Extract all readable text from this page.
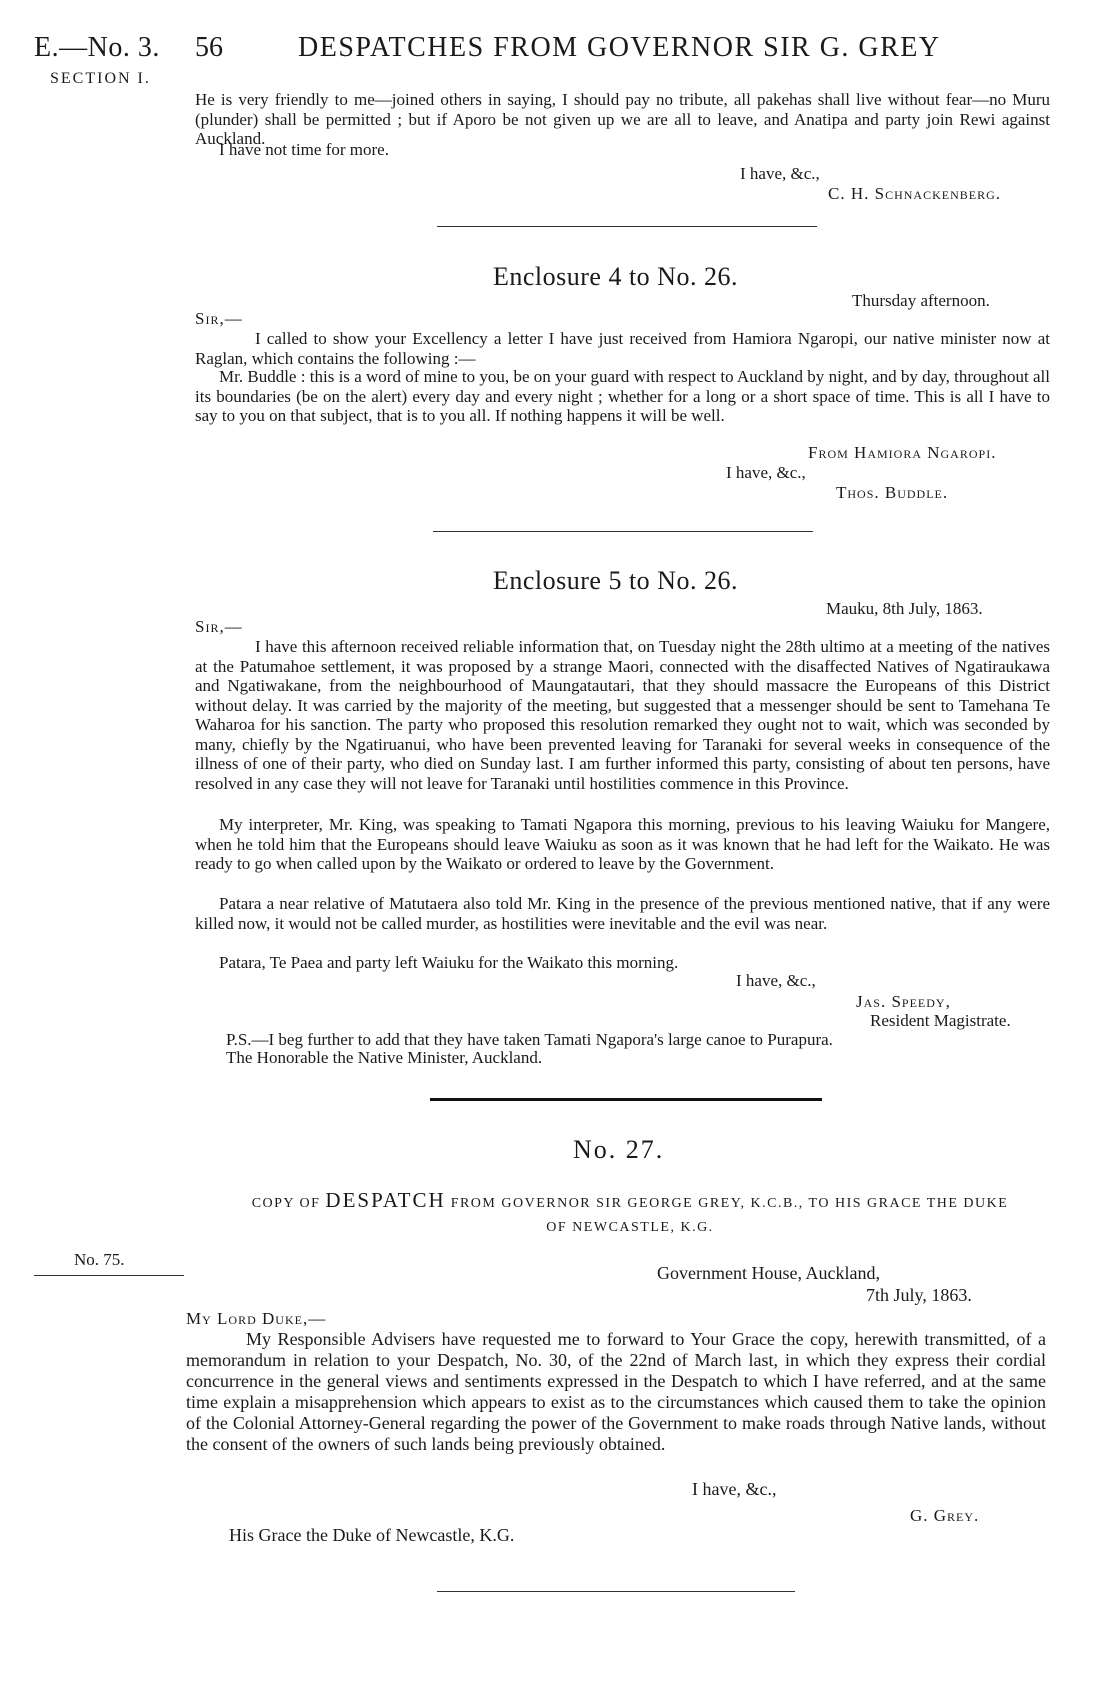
E.—No. 3. 56	DESPATCHES FROM GOVERNOR SIR G. GREY
SECTION I.
He is very friendly to me—joined others in saying, I should pay no tribute, all pakehas shall live without fear—no Muru (plunder) shall be permitted ; but if Aporo be not given up we are all to leave, and Anatipa and party join Rewi against Auckland.
I have not time for more.
I have, &c.,
C. H. Schnackenberg.
Enclosure 4 to No. 26.
Thursday afternoon.
Sir,—
I called to show your Excellency a letter I have just received from Hamiora Ngaropi, our native minister now at Raglan, which contains the following :—
Mr. Buddle : this is a word of mine to you, be on your guard with respect to Auckland by night, and by day, throughout all its boundaries (be on the alert) every day and every night ; whether for a long or a short space of time. This is all I have to say to you on that subject, that is to you all. If nothing happens it will be well.
From Hamiora Ngaropi.
I have, &c.,
Thos. Buddle.
Enclosure 5 to No. 26.
Mauku, 8th July, 1863.
Sir,—
I have this afternoon received reliable information that, on Tuesday night the 28th ultimo at a meeting of the natives at the Patumahoe settlement, it was proposed by a strange Maori, connected with the disaffected Natives of Ngatiraukawa and Ngatiwakane, from the neighbourhood of Maungatautari, that they should massacre the Europeans of this District without delay. It was carried by the majority of the meeting, but suggested that a messenger should be sent to Tamehana Te Waharoa for his sanction. The party who proposed this resolution remarked they ought not to wait, which was seconded by many, chiefly by the Ngatiruanui, who have been prevented leaving for Taranaki for several weeks in consequence of the illness of one of their party, who died on Sunday last. I am further informed this party, consisting of about ten persons, have resolved in any case they will not leave for Taranaki until hostilities commence in this Province.
My interpreter, Mr. King, was speaking to Tamati Ngapora this morning, previous to his leaving Waiuku for Mangere, when he told him that the Europeans should leave Waiuku as soon as it was known that he had left for the Waikato. He was ready to go when called upon by the Waikato or ordered to leave by the Government.
Patara a near relative of Matutaera also told Mr. King in the presence of the previous mentioned native, that if any were killed now, it would not be called murder, as hostilities were inevitable and the evil was near.
Patara, Te Paea and party left Waiuku for the Waikato this morning.
I have, &c.,
Jas. Speedy,
Resident Magistrate.
P.S.—I beg further to add that they have taken Tamati Ngapora's large canoe to Purapura.
The Honorable the Native Minister, Auckland.
No. 27.
COPY OF DESPATCH FROM GOVERNOR SIR GEORGE GREY, K.C.B., TO HIS GRACE THE DUKE
OF NEWCASTLE, K.G.
No. 75.
Government House, Auckland,
7th July, 1863.
My Lord Duke,—
My Responsible Advisers have requested me to forward to Your Grace the copy, herewith transmitted, of a memorandum in relation to your Despatch, No. 30, of the 22nd of March last, in which they express their cordial concurrence in the general views and sentiments expressed in the Despatch to which I have referred, and at the same time explain a misapprehension which appears to exist as to the circumstances which caused them to take the opinion of the Colonial Attorney-General regarding the power of the Government to make roads through Native lands, without the consent of the owners of such lands being previously obtained.
I have, &c.,
G. Grey.
His Grace the Duke of Newcastle, K.G.
